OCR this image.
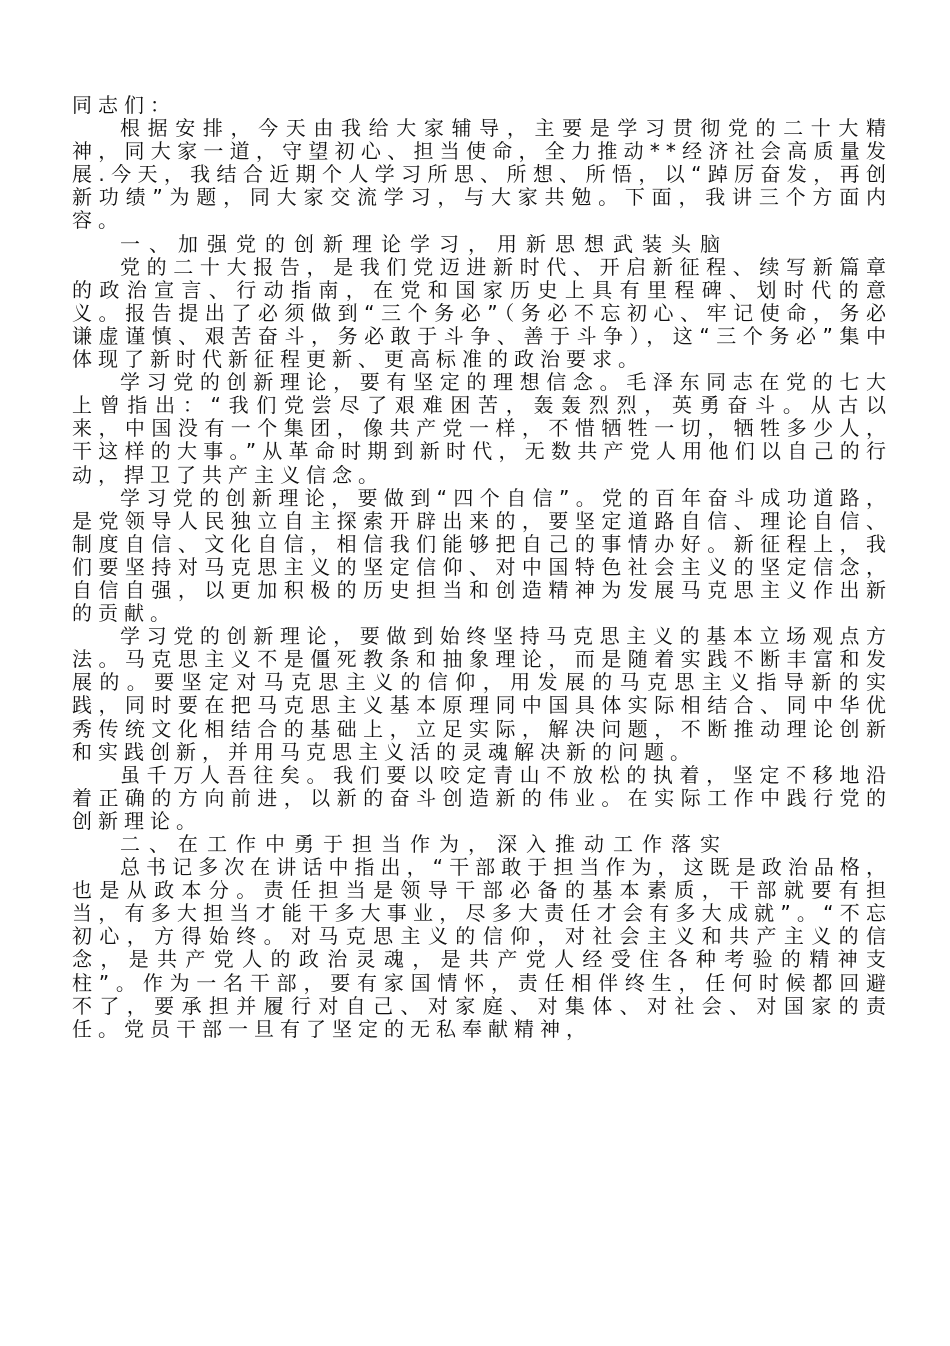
同志们：

根据安排，今天由我给大家辅导，主要是学习贯彻党的二十大精神，同大家一道，守望初心、担当使命，全力推动**经济社会高质量发展.今天，我结合近期个人学习所思、所想、所悟，以“踔厉奋发，再创新功绩”为题，同大家交流学习，与大家共勉。下面，我讲三个方面内容。

一、加强党的创新理论学习，用新思想武装头脑

党的二十大报告，是我们党迈进新时代、开启新征程、续写新篇章的政治宣言、行动指南，在党和国家历史上具有里程碑、划时代的意义。报告提出了必须做到“三个务必”（务必不忘初心、牢记使命，务必谦虚谨慎、艰苦奋斗，务必敢于斗争、善于斗争），这“三个务必”集中体现了新时代新征程更新、更高标准的政治要求。

学习党的创新理论，要有坚定的理想信念。毛泽东同志在党的七大上曾指出：“我们党尝尽了艰难困苦，轰轰烈烈，英勇奋斗。从古以来，中国没有一个集团，像共产党一样，不惜牺牲一切，牺牲多少人，干这样的大事。”从革命时期到新时代，无数共产党人用他们以自己的行动，捍卫了共产主义信念。

学习党的创新理论，要做到“四个自信”。党的百年奋斗成功道路，是党领导人民独立自主探索开辟出来的，要坚定道路自信、理论自信、制度自信、文化自信，相信我们能够把自己的事情办好。新征程上，我们要坚持对马克思主义的坚定信仰、对中国特色社会主义的坚定信念，自信自强，以更加积极的历史担当和创造精神为发展马克思主义作出新的贡献。

学习党的创新理论，要做到始终坚持马克思主义的基本立场观点方法。马克思主义不是僵死教条和抽象理论，而是随着实践不断丰富和发展的。要坚定对马克思主义的信仰，用发展的马克思主义指导新的实践，同时要在把马克思主义基本原理同中国具体实际相结合、同中华优秀传统文化相结合的基础上，立足实际，解决问题，不断推动理论创新和实践创新，并用马克思主义活的灵魂解决新的问题。

虽千万人吾往矣。我们要以咬定青山不放松的执着，坚定不移地沿着正确的方向前进，以新的奋斗创造新的伟业。在实际工作中践行党的创新理论。

二、在工作中勇于担当作为，深入推动工作落实

总书记多次在讲话中指出，“干部敢于担当作为，这既是政治品格，也是从政本分。责任担当是领导干部必备的基本素质，干部就要有担当，有多大担当才能干多大事业，尽多大责任才会有多大成就”。“不忘初心，方得始终。对马克思主义的信仰，对社会主义和共产主义的信念，是共产党人的政治灵魂，是共产党人经受住各种考验的精神支柱”。作为一名干部，要有家国情怀，责任相伴终生，任何时候都回避不了，要承担并履行对自己、对家庭、对集体、对社会、对国家的责任。党员干部一旦有了坚定的无私奉献精神，
